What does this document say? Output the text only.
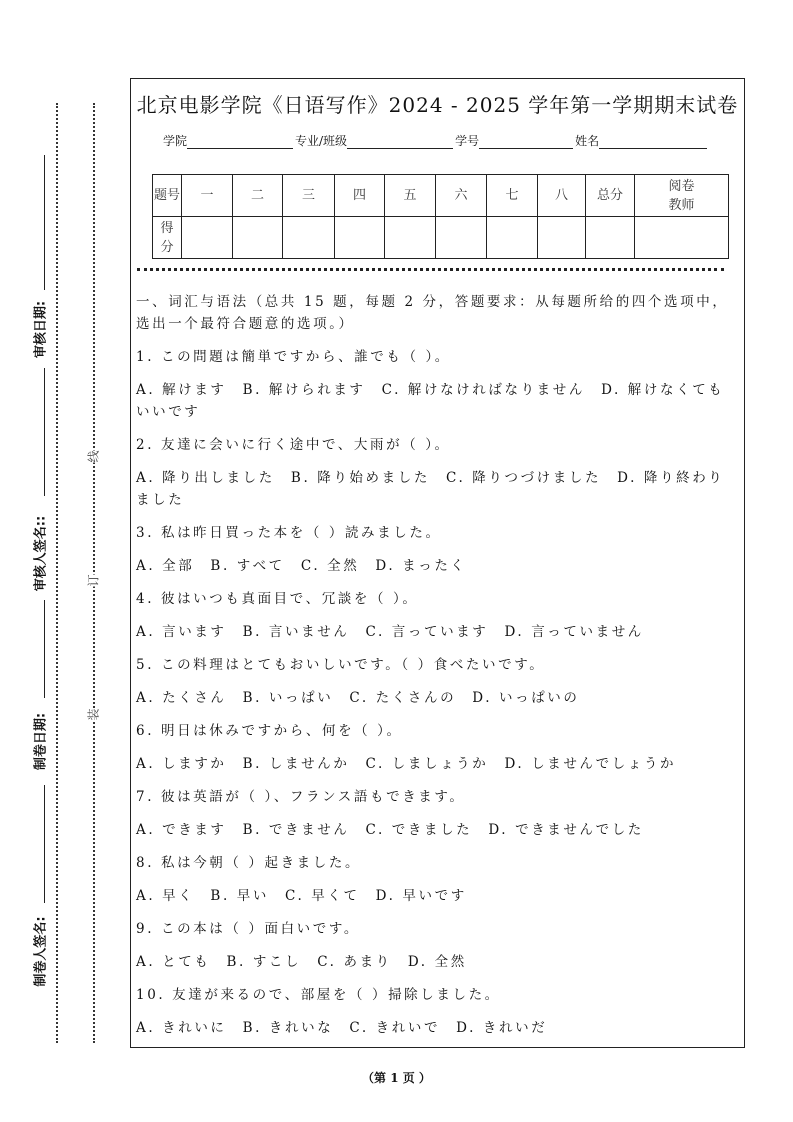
审核日期:
审核人签名::
制卷日期:
制卷人签名:
线
订
装
北京电影学院《日语写作》2024 - 2025 学年第一学期期末试卷
学院	专业/班级	学号	姓名
题号	一	二	三	四	五	六	七	八	总分	阅卷教师
得分										

一、词汇与语法（总共 15 题，每题 2 分，答题要求：从每题所给的四个选项中，选出一个最符合题意的选项。）

1. この問題は簡単ですから、誰でも（ ）。

A. 解けます　B. 解けられます　C. 解けなければなりません　D. 解けなくてもいいです

2. 友達に会いに行く途中で、大雨が（ ）。

A. 降り出しました　B. 降り始めました　C. 降りつづけました　D. 降り終わりました

3. 私は昨日買った本を（ ）読みました。

A. 全部　B. すべて　C. 全然　D. まったく

4. 彼はいつも真面目で、冗談を（ ）。

A. 言います　B. 言いません　C. 言っています　D. 言っていません

5. この料理はとてもおいしいです。（ ）食べたいです。

A. たくさん　B. いっぱい　C. たくさんの　D. いっぱいの

6. 明日は休みですから、何を（ ）。

A. しますか　B. しませんか　C. しましょうか　D. しませんでしょうか

7. 彼は英語が（ ）、フランス語もできます。

A. できます　B. できません　C. できました　D. できませんでした

8. 私は今朝（ ）起きました。

A. 早く　B. 早い　C. 早くて　D. 早いです

9. この本は（ ）面白いです。

A. とても　B. すこし　C. あまり　D. 全然

10. 友達が来るので、部屋を（ ）掃除しました。

A. きれいに　B. きれいな　C. きれいで　D. きれいだ

（第 1 页 ）
